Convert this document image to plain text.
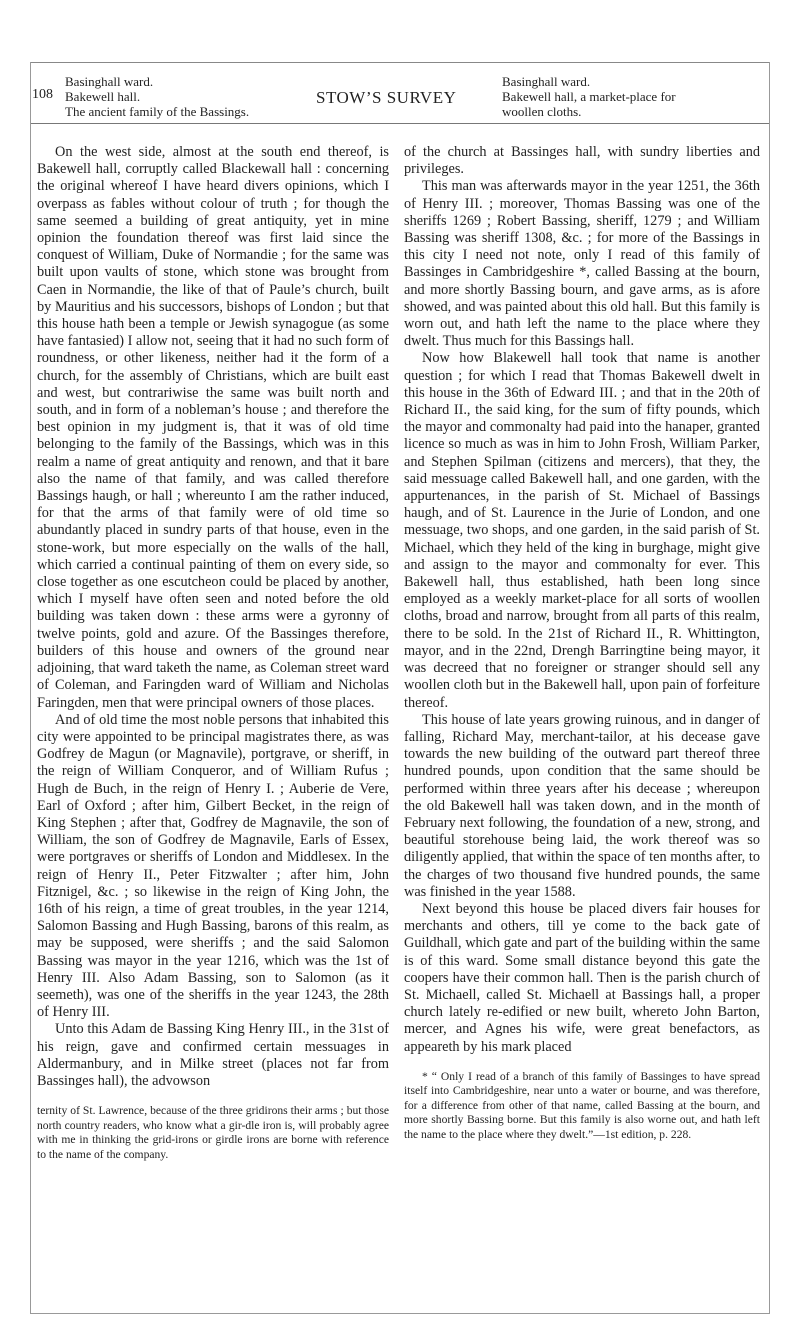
108
Basinghall ward.
Bakewell hall.
The ancient family of the Bassings.
STOW’S SURVEY
Basinghall ward.
Bakewell hall, a market-place for
woollen cloths.

On the west side, almost at the south end thereof, is Bakewell hall, corruptly called Blackewall hall : concerning the original whereof I have heard divers opinions, which I overpass as fables without colour of truth ; for though the same seemed a building of great antiquity, yet in mine opinion the foundation thereof was first laid since the conquest of William, Duke of Normandie ; for the same was built upon vaults of stone, which stone was brought from Caen in Normandie, the like of that of Paule’s church, built by Mauritius and his successors, bishops of London ; but that this house hath been a temple or Jewish synagogue (as some have fantasied) I allow not, seeing that it had no such form of roundness, or other likeness, neither had it the form of a church, for the assembly of Christians, which are built east and west, but contrariwise the same was built north and south, and in form of a nobleman’s house ; and therefore the best opinion in my judgment is, that it was of old time belonging to the family of the Bassings, which was in this realm a name of great antiquity and renown, and that it bare also the name of that family, and was called therefore Bassings haugh, or hall ; whereunto I am the rather induced, for that the arms of that family were of old time so abundantly placed in sundry parts of that house, even in the stone-work, but more especially on the walls of the hall, which carried a continual painting of them on every side, so close together as one escutcheon could be placed by another, which I myself have often seen and noted before the old building was taken down : these arms were a gyronny of twelve points, gold and azure. Of the Bassinges therefore, builders of this house and owners of the ground near adjoining, that ward taketh the name, as Coleman street ward of Coleman, and Faringden ward of William and Nicholas Faringden, men that were principal owners of those places.

And of old time the most noble persons that inhabited this city were appointed to be principal magistrates there, as was Godfrey de Magun (or Magnavile), portgrave, or sheriff, in the reign of William Conqueror, and of William Rufus ; Hugh de Buch, in the reign of Henry I. ; Auberie de Vere, Earl of Oxford ; after him, Gilbert Becket, in the reign of King Stephen ; after that, Godfrey de Magnavile, the son of William, the son of Godfrey de Magnavile, Earls of Essex, were portgraves or sheriffs of London and Middlesex. In the reign of Henry II., Peter Fitzwalter ; after him, John Fitznigel, &c. ; so likewise in the reign of King John, the 16th of his reign, a time of great troubles, in the year 1214, Salomon Bassing and Hugh Bassing, barons of this realm, as may be supposed, were sheriffs ; and the said Salomon Bassing was mayor in the year 1216, which was the 1st of Henry III. Also Adam Bassing, son to Salomon (as it seemeth), was one of the sheriffs in the year 1243, the 28th of Henry III.

Unto this Adam de Bassing King Henry III., in the 31st of his reign, gave and confirmed certain messuages in Aldermanbury, and in Milke street (places not far from Bassinges hall), the advowson

ternity of St. Lawrence, because of the three gridirons their arms ; but those north country readers, who know what a gir-dle iron is, will probably agree with me in thinking the grid-irons or girdle irons are borne with reference to the name of the company.

of the church at Bassinges hall, with sundry liberties and privileges.

This man was afterwards mayor in the year 1251, the 36th of Henry III. ; moreover, Thomas Bassing was one of the sheriffs 1269 ; Robert Bassing, sheriff, 1279 ; and William Bassing was sheriff 1308, &c. ; for more of the Bassings in this city I need not note, only I read of this family of Bassinges in Cambridgeshire *, called Bassing at the bourn, and more shortly Bassing bourn, and gave arms, as is afore showed, and was painted about this old hall. But this family is worn out, and hath left the name to the place where they dwelt. Thus much for this Bassings hall.

Now how Blakewell hall took that name is another question ; for which I read that Thomas Bakewell dwelt in this house in the 36th of Edward III. ; and that in the 20th of Richard II., the said king, for the sum of fifty pounds, which the mayor and commonalty had paid into the hanaper, granted licence so much as was in him to John Frosh, William Parker, and Stephen Spilman (citizens and mercers), that they, the said messuage called Bakewell hall, and one garden, with the appurtenances, in the parish of St. Michael of Bassings haugh, and of St. Laurence in the Jurie of London, and one messuage, two shops, and one garden, in the said parish of St. Michael, which they held of the king in burghage, might give and assign to the mayor and commonalty for ever. This Bakewell hall, thus established, hath been long since employed as a weekly market-place for all sorts of woollen cloths, broad and narrow, brought from all parts of this realm, there to be sold. In the 21st of Richard II., R. Whittington, mayor, and in the 22nd, Drengh Barringtine being mayor, it was decreed that no foreigner or stranger should sell any woollen cloth but in the Bakewell hall, upon pain of forfeiture thereof.

This house of late years growing ruinous, and in danger of falling, Richard May, merchant-tailor, at his decease gave towards the new building of the outward part thereof three hundred pounds, upon condition that the same should be performed within three years after his decease ; whereupon the old Bakewell hall was taken down, and in the month of February next following, the foundation of a new, strong, and beautiful storehouse being laid, the work thereof was so diligently applied, that within the space of ten months after, to the charges of two thousand five hundred pounds, the same was finished in the year 1588.

Next beyond this house be placed divers fair houses for merchants and others, till ye come to the back gate of Guildhall, which gate and part of the building within the same is of this ward. Some small distance beyond this gate the coopers have their common hall. Then is the parish church of St. Michaell, called St. Michaell at Bassings hall, a proper church lately re-edified or new built, whereto John Barton, mercer, and Agnes his wife, were great benefactors, as appeareth by his mark placed

* “ Only I read of a branch of this family of Bassinges to have spread itself into Cambridgeshire, near unto a water or bourne, and was therefore, for a difference from other of that name, called Bassing at the bourn, and more shortly Bassing borne. But this family is also worne out, and hath left the name to the place where they dwelt.”—1st edition, p. 228.
